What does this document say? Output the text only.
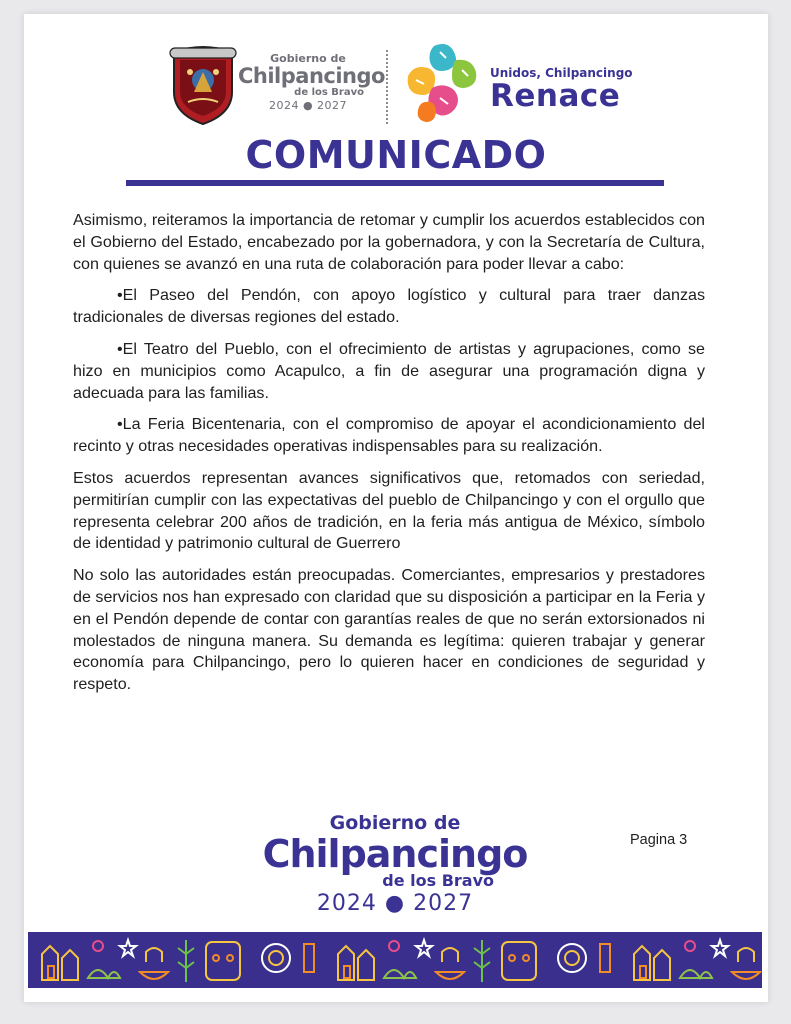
Gobierno de
Chilpancingo
de los Bravo
2024 ● 2027
Unidos, Chilpancingo
Renace
COMUNICADO

Asimismo, reiteramos la importancia de retomar y cumplir los acuerdos establecidos con el Gobierno del Estado, encabezado por la gobernadora, y con la Secretaría de Cultura, con quienes se avanzó en una ruta de colaboración para poder llevar a cabo:

•El Paseo del Pendón, con apoyo logístico y cultural para traer danzas tradicionales de diversas regiones del estado.

•El Teatro del Pueblo, con el ofrecimiento de artistas y agrupaciones, como se hizo en municipios como Acapulco, a fin de asegurar una programación digna y adecuada para las familias.

•La Feria Bicentenaria, con el compromiso de apoyar el acondicionamiento del recinto y otras necesidades operativas indispensables para su realización.

Estos acuerdos representan avances significativos que, retomados con seriedad, permitirían cumplir con las expectativas del pueblo de Chilpancingo y con el orgullo que representa celebrar 200 años de tradición, en la feria más antigua de México, símbolo de identidad y patrimonio cultural de Guerrero

No solo las autoridades están preocupadas. Comerciantes, empresarios y prestadores de servicios nos han expresado con claridad que su disposición a participar en la Feria y en el Pendón depende de contar con garantías reales de que no serán extorsionados ni molestados de ninguna manera. Su demanda es legítima: quieren trabajar y generar economía para Chilpancingo, pero lo quieren hacer en condiciones de seguridad y respeto.

Gobierno de
Chilpancingo
de los Bravo
2024 ● 2027
Pagina 3
